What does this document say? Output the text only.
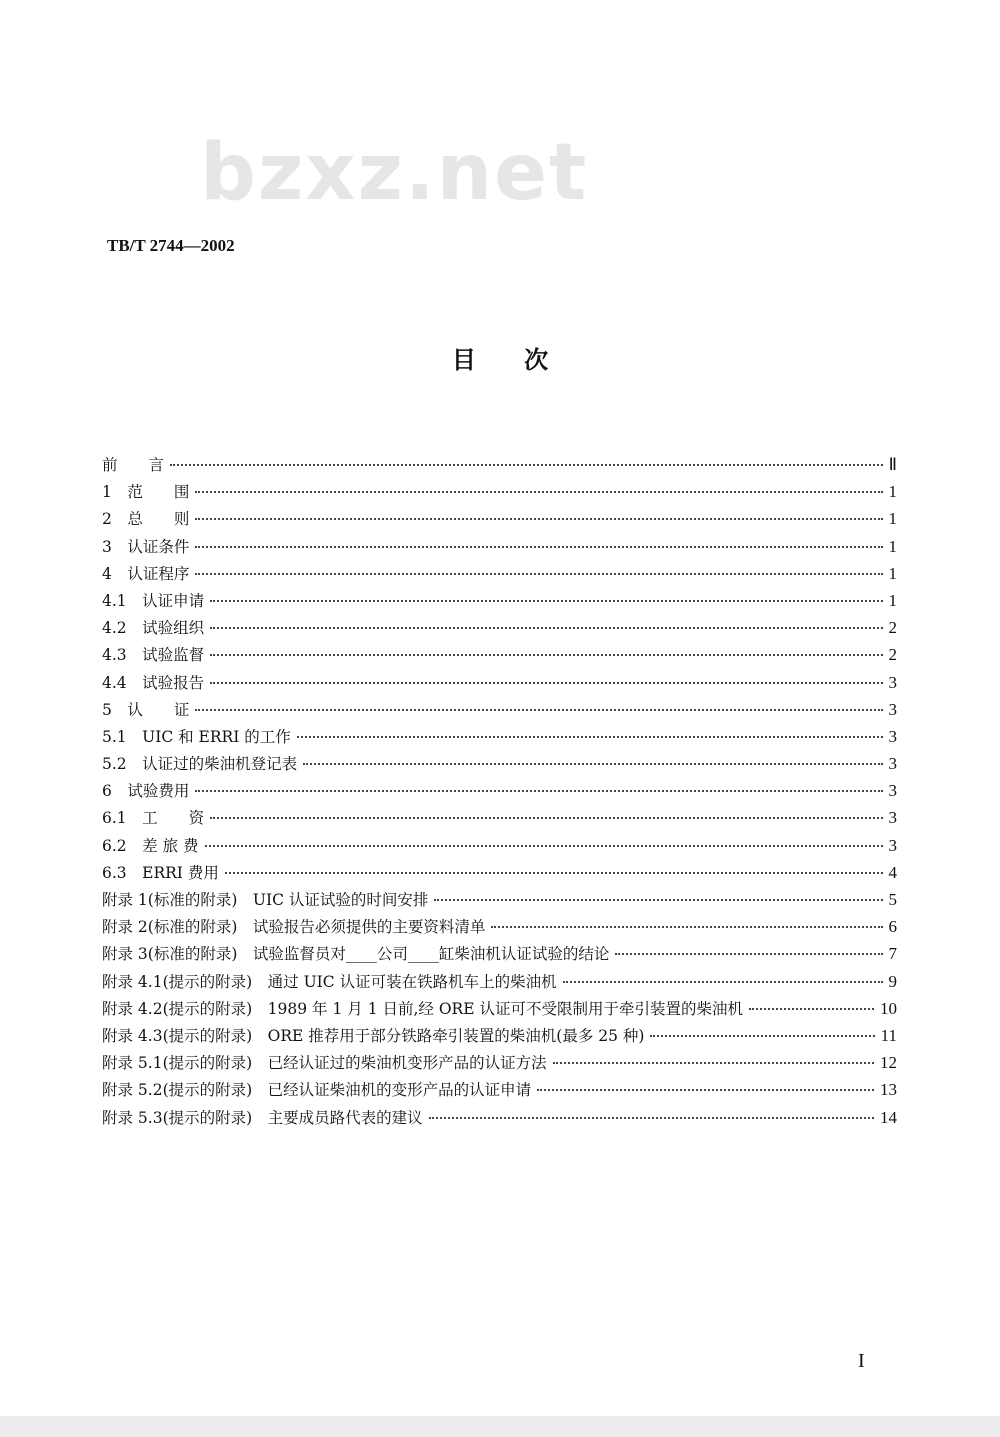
bzxz.net
TB/T 2744—2002
目 次
前　　言	Ⅱ
1　范　　围	1
2　总　　则	1
3　认证条件	1
4　认证程序	1
4.1　认证申请	1
4.2　试验组织	2
4.3　试验监督	2
4.4　试验报告	3
5　认　　证	3
5.1　UIC 和 ERRI 的工作	3
5.2　认证过的柴油机登记表	3
6　试验费用	3
6.1　工　　资	3
6.2　差 旅 费	3
6.3　ERRI 费用	4
附录 1(标准的附录)　UIC 认证试验的时间安排	5
附录 2(标准的附录)　试验报告必须提供的主要资料清单	6
附录 3(标准的附录)　试验监督员对____公司____缸柴油机认证试验的结论	7
附录 4.1(提示的附录)　通过 UIC 认证可装在铁路机车上的柴油机	9
附录 4.2(提示的附录)　1989 年 1 月 1 日前,经 ORE 认证可不受限制用于牵引装置的柴油机	10
附录 4.3(提示的附录)　ORE 推荐用于部分铁路牵引装置的柴油机(最多 25 种)	11
附录 5.1(提示的附录)　已经认证过的柴油机变形产品的认证方法	12
附录 5.2(提示的附录)　已经认证柴油机的变形产品的认证申请	13
附录 5.3(提示的附录)　主要成员路代表的建议	14
I
